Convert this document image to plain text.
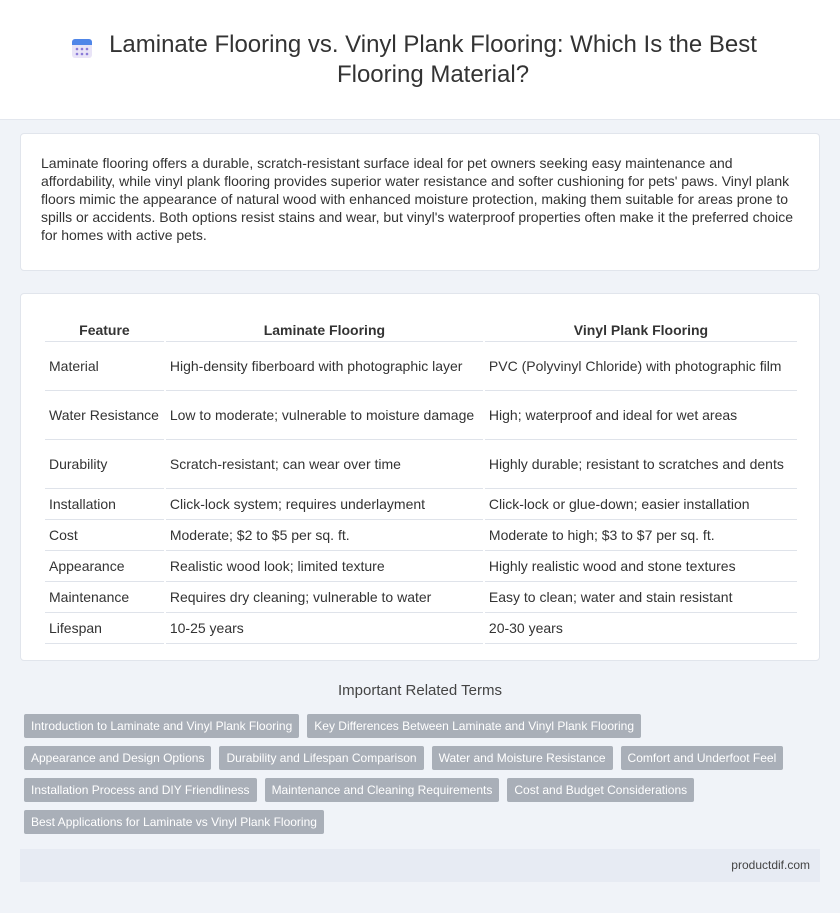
Laminate Flooring vs. Vinyl Plank Flooring: Which Is the Best Flooring Material?

Laminate flooring offers a durable, scratch-resistant surface ideal for pet owners seeking easy maintenance and affordability, while vinyl plank flooring provides superior water resistance and softer cushioning for pets' paws. Vinyl plank floors mimic the appearance of natural wood with enhanced moisture protection, making them suitable for areas prone to spills or accidents. Both options resist stains and wear, but vinyl's waterproof properties often make it the preferred choice for homes with active pets.

Feature	Laminate Flooring	Vinyl Plank Flooring
Material	High-density fiberboard with photographic layer	PVC (Polyvinyl Chloride) with photographic film
Water Resistance	Low to moderate; vulnerable to moisture damage	High; waterproof and ideal for wet areas
Durability	Scratch-resistant; can wear over time	Highly durable; resistant to scratches and dents
Installation	Click-lock system; requires underlayment	Click-lock or glue-down; easier installation
Cost	Moderate; $2 to $5 per sq. ft.	Moderate to high; $3 to $7 per sq. ft.
Appearance	Realistic wood look; limited texture	Highly realistic wood and stone textures
Maintenance	Requires dry cleaning; vulnerable to water	Easy to clean; water and stain resistant
Lifespan	10-25 years	20-30 years
Important Related Terms
Introduction to Laminate and Vinyl Plank Flooring	Key Differences Between Laminate and Vinyl Plank Flooring
Appearance and Design Options	Durability and Lifespan Comparison	Water and Moisture Resistance	Comfort and Underfoot Feel
Installation Process and DIY Friendliness	Maintenance and Cleaning Requirements	Cost and Budget Considerations
Best Applications for Laminate vs Vinyl Plank Flooring
productdif.com
